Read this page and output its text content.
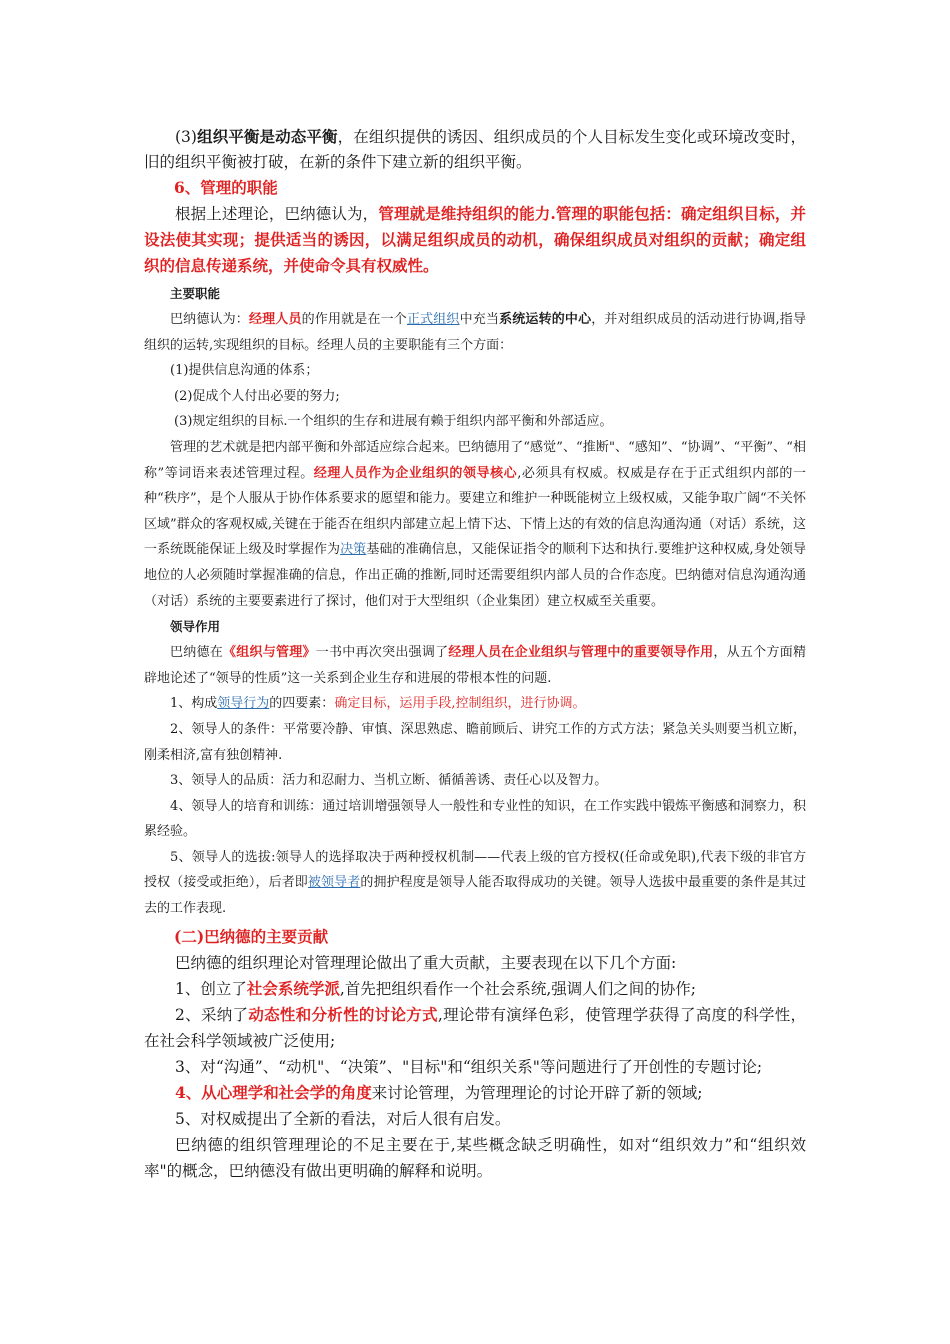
(3)组织平衡是动态平衡，在组织提供的诱因、组织成员的个人目标发生变化或环境改变时，旧的组织平衡被打破，在新的条件下建立新的组织平衡。

6、管理的职能

根据上述理论，巴纳德认为，管理就是维持组织的能力.管理的职能包括：确定组织目标，并设法使其实现；提供适当的诱因，以满足组织成员的动机，确保组织成员对组织的贡献；确定组织的信息传递系统，并使命令具有权威性。

主要职能

巴纳德认为：经理人员的作用就是在一个正式组织中充当系统运转的中心，并对组织成员的活动进行协调,指导组织的运转,实现组织的目标。经理人员的主要职能有三个方面：

(1)提供信息沟通的体系；

(2)促成个人付出必要的努力;

(3)规定组织的目标.一个组织的生存和进展有赖于组织内部平衡和外部适应。

管理的艺术就是把内部平衡和外部适应综合起来。巴纳德用了“感觉”、“推断"、“感知”、“协调”、“平衡”、“相称”等词语来表述管理过程。经理人员作为企业组织的领导核心,必须具有权威。权威是存在于正式组织内部的一种“秩序”，是个人服从于协作体系要求的愿望和能力。要建立和维护一种既能树立上级权威，又能争取广阔“不关怀区域”群众的客观权威,关键在于能否在组织内部建立起上情下达、下情上达的有效的信息沟通沟通（对话）系统，这一系统既能保证上级及时掌握作为决策基础的准确信息，又能保证指令的顺利下达和执行.要维护这种权威,身处领导地位的人必须随时掌握准确的信息，作出正确的推断,同时还需要组织内部人员的合作态度。巴纳德对信息沟通沟通（对话）系统的主要要素进行了探讨，他们对于大型组织（企业集团）建立权威至关重要。

领导作用

巴纳德在《组织与管理》一书中再次突出强调了经理人员在企业组织与管理中的重要领导作用，从五个方面精辟地论述了“领导的性质”这一关系到企业生存和进展的带根本性的问题.

1、构成领导行为的四要素：确定目标，运用手段,控制组织，进行协调。

2、领导人的条件：平常要冷静、审慎、深思熟虑、瞻前顾后、讲究工作的方式方法；紧急关头则要当机立断，刚柔相济,富有独创精神.

3、领导人的品质：活力和忍耐力、当机立断、循循善诱、责任心以及智力。

4、领导人的培育和训练：通过培训增强领导人一般性和专业性的知识，在工作实践中锻炼平衡感和洞察力，积累经验。

5、领导人的选拔:领导人的选择取决于两种授权机制——代表上级的官方授权(任命或免职),代表下级的非官方授权（接受或拒绝），后者即被领导者的拥护程度是领导人能否取得成功的关键。领导人选拔中最重要的条件是其过去的工作表现.

(二)巴纳德的主要贡献

巴纳德的组织理论对管理理论做出了重大贡献，主要表现在以下几个方面:

1、创立了社会系统学派,首先把组织看作一个社会系统,强调人们之间的协作;

2、采纳了动态性和分析性的讨论方式,理论带有演绎色彩，使管理学获得了高度的科学性，在社会科学领域被广泛使用;

3、对“沟通”、“动机"、“决策”、"目标"和“组织关系"等问题进行了开创性的专题讨论;

4、从心理学和社会学的角度来讨论管理，为管理理论的讨论开辟了新的领域;

5、对权威提出了全新的看法，对后人很有启发。

巴纳德的组织管理理论的不足主要在于,某些概念缺乏明确性，如对“组织效力”和“组织效率"的概念，巴纳德没有做出更明确的解释和说明。
